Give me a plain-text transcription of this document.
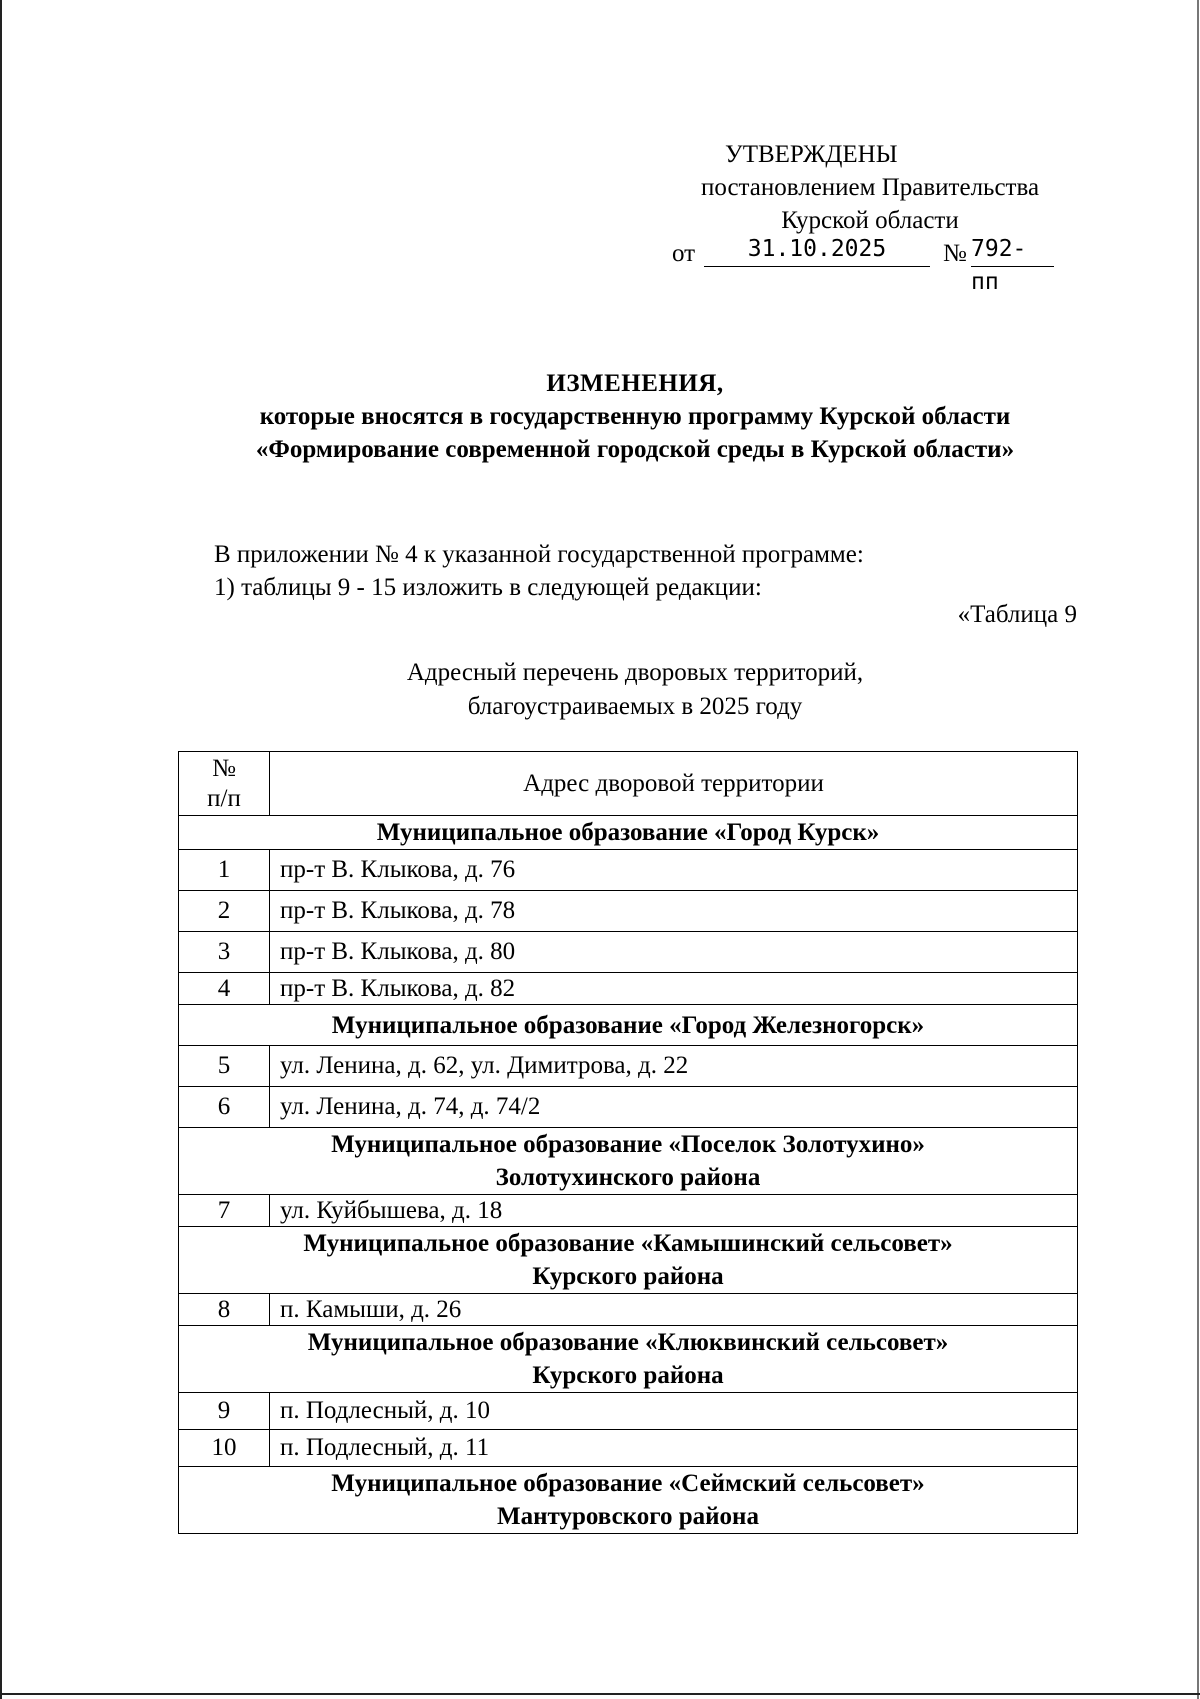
УТВЕРЖДЕНЫ
постановлением Правительства
Курской области
от	31.10.2025	№ 792-пп
ИЗМЕНЕНИЯ,
которые вносятся в государственную программу Курской области
«Формирование современной городской среды в Курской области»
В приложении № 4 к указанной государственной программе:
1) таблицы 9 - 15 изложить в следующей редакции:
«Таблица 9
Адресный перечень дворовых территорий,
благоустраиваемых в 2025 году
№
п/п	Адрес дворовой территории
Муниципальное образование «Город Курск»	
1	пр-т В. Клыкова, д. 76
2	пр-т В. Клыкова, д. 78
3	пр-т В. Клыкова, д. 80
4	пр-т В. Клыкова, д. 82
Муниципальное образование «Город Железногорск»	
5	ул. Ленина, д. 62, ул. Димитрова, д. 22
6	ул. Ленина, д. 74, д. 74/2

Муниципальное образование «Поселок Золотухино»
Золотухинского района	

7	ул. Куйбышева, д. 18

Муниципальное образование «Камышинский сельсовет»
Курского района	

8	п. Камыши, д. 26

Муниципальное образование «Клюквинский сельсовет»
Курского района	

9	п. Подлесный, д. 10
10	п. Подлесный, д. 11

Муниципальное образование «Сеймский сельсовет»
Мантуровского района	
